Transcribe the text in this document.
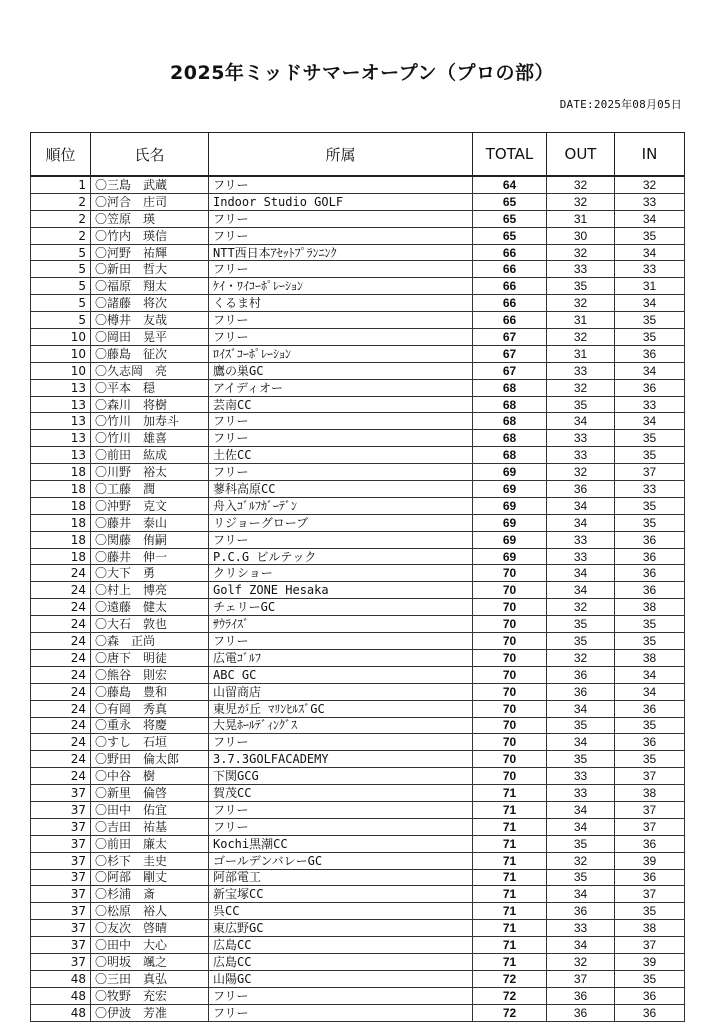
2025年ミッドサマーオープン（プロの部）
DATE:2025年08月05日
順位	氏名	所属	TOTAL	OUT	IN
1	〇三島　武蔵	フリー	64	32	32
2	〇河合　庄司	Indoor Studio GOLF	65	32	33
2	〇笠原　瑛	フリー	65	31	34
2	〇竹内　瑛信	フリー	65	30	35
5	〇河野　祐輝	NTT西日本ｱｾｯﾄﾌﾟﾗﾝﾆﾝｸ	66	32	34
5	〇新田　哲大	フリー	66	33	33
5	〇福原　翔太	ｹｲ・ﾜｲｺｰﾎﾟﾚｰｼｮﾝ	66	35	31
5	〇諸藤　将次	くるま村	66	32	34
5	〇樽井　友哉	フリー	66	31	35
10	〇岡田　晃平	フリー	67	32	35
10	〇藤島　征次	ﾛｲｽﾞｺｰﾎﾟﾚｰｼｮﾝ	67	31	36
10	〇久志岡　亮	鷹の巣GC	67	33	34
13	〇平本　穏	アイディオー	68	32	36
13	〇森川　将樹	芸南CC	68	35	33
13	〇竹川　加寿斗	フリー	68	34	34
13	〇竹川　雄喜	フリー	68	33	35
13	〇前田　紘成	土佐CC	68	33	35
18	〇川野　裕太	フリー	69	32	37
18	〇工藤　潤	蓼科高原CC	69	36	33
18	〇沖野　克文	舟入ｺﾞﾙﾌｶﾞｰﾃﾞﾝ	69	34	35
18	〇藤井　泰山	リジョーグローブ	69	34	35
18	〇関藤　侑嗣	フリー	69	33	36
18	〇藤井　伸一	P.C.G ビルテック	69	33	36
24	〇大下　勇	クリショー	70	34	36
24	〇村上　博亮	Golf ZONE Hesaka	70	34	36
24	〇遠藤　健太	チェリーGC	70	32	38
24	〇大石　敦也	ｻｳﾗｲｽﾞ	70	35	35
24	〇森　正尚	フリー	70	35	35
24	〇唐下　明徒	広電ｺﾞﾙﾌ	70	32	38
24	〇熊谷　則宏	ABC GC	70	36	34
24	〇藤島　豊和	山留商店	70	36	34
24	〇有岡　秀真	東児が丘 ﾏﾘﾝﾋﾙｽﾞGC	70	34	36
24	〇重永　将慶	大晃ﾎｰﾙﾃﾞｨﾝｸﾞｽ	70	35	35
24	〇すし　石垣	フリー	70	34	36
24	〇野田　倫太郎	3.7.3GOLFACADEMY	70	35	35
24	〇中谷　樹	下関GCG	70	33	37
37	〇新里　倫啓	賀茂CC	71	33	38
37	〇田中　佑宜	フリー	71	34	37
37	〇吉田　祐基	フリー	71	34	37
37	〇前田　廉太	Kochi黒潮CC	71	35	36
37	〇杉下　圭史	ゴールデンバレーGC	71	32	39
37	〇阿部　剛丈	阿部電工	71	35	36
37	〇杉浦　斎	新宝塚CC	71	34	37
37	〇松原　裕人	呉CC	71	36	35
37	〇友次　啓晴	東広野GC	71	33	38
37	〇田中　大心	広島CC	71	34	37
37	〇明坂　颯之	広島CC	71	32	39
48	〇三田　真弘	山陽GC	72	37	35
48	〇牧野　充宏	フリー	72	36	36
48	〇伊波　芳准	フリー	72	36	36
